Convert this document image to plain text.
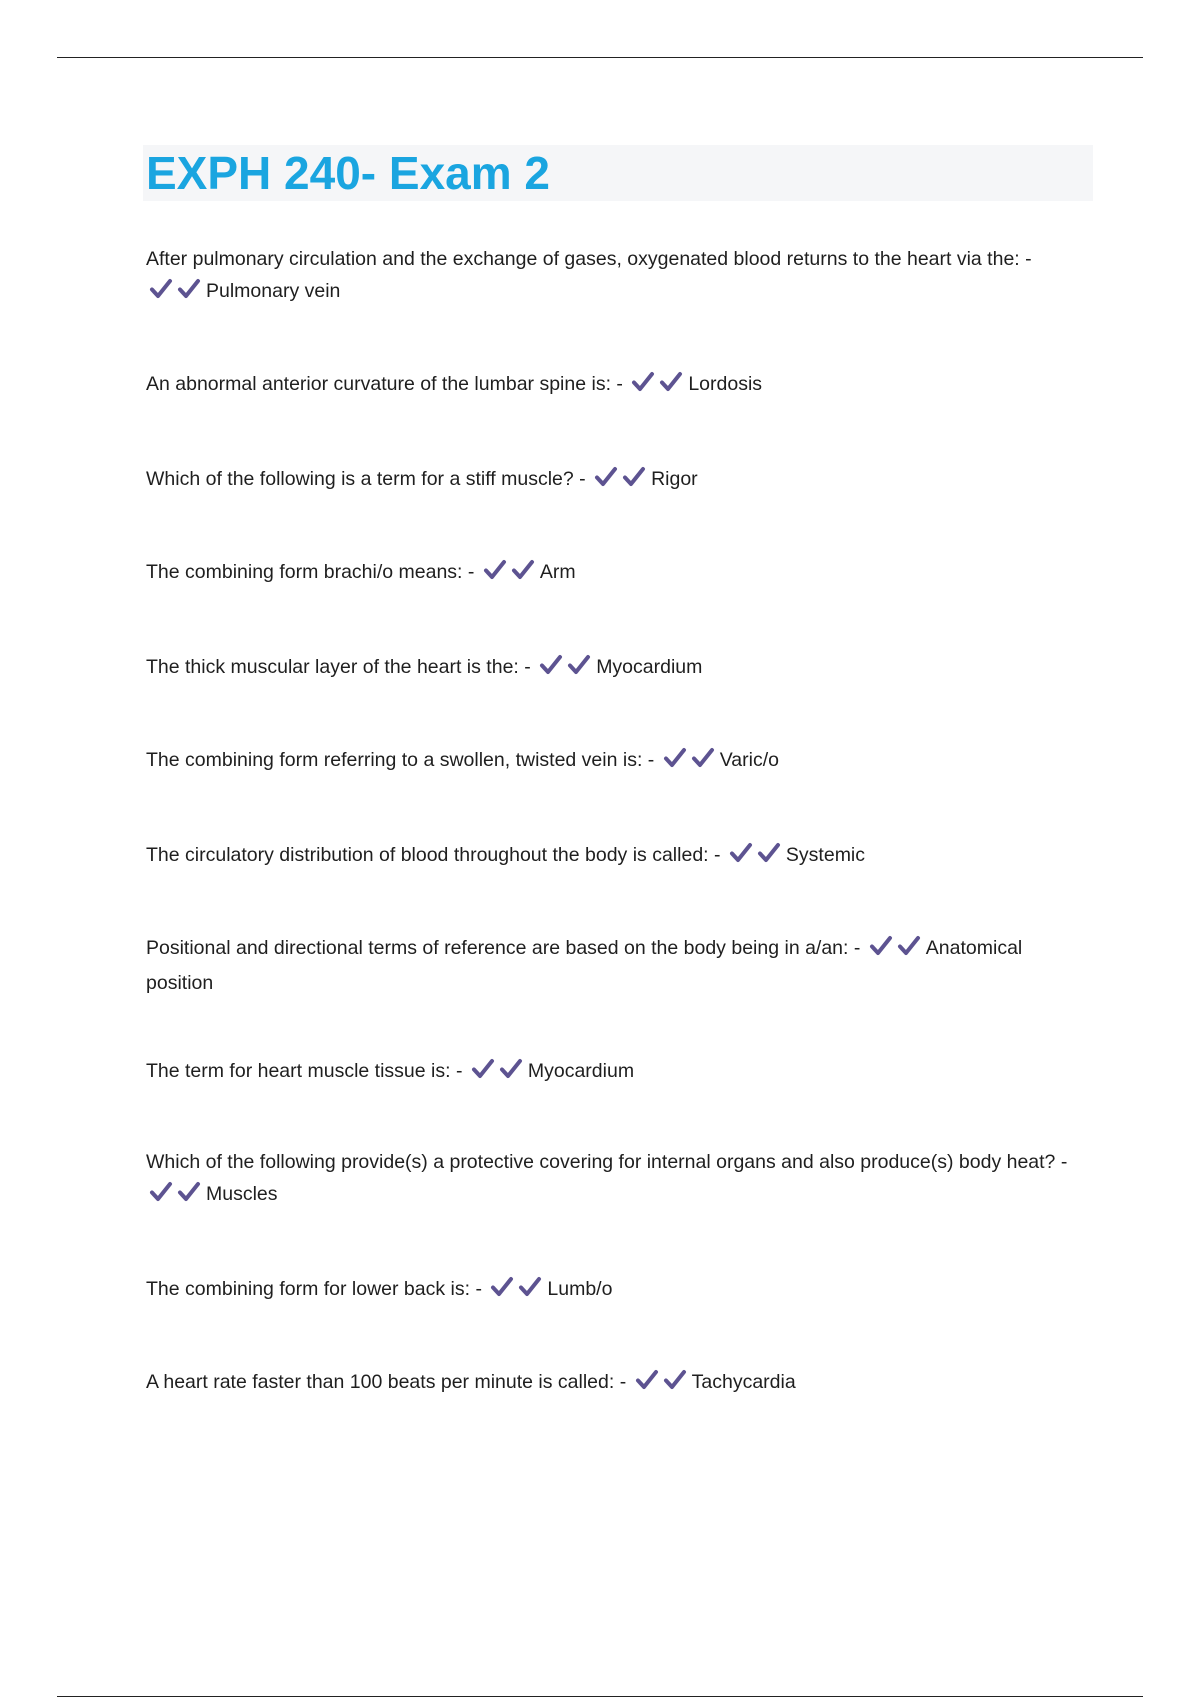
EXPH 240- Exam 2
After pulmonary circulation and the exchange of gases, oxygenated blood returns to the heart via the: -
Pulmonary vein
An abnormal anterior curvature of the lumbar spine is: -	Lordosis
Which of the following is a term for a stiff muscle? -	Rigor
The combining form brachi/o means: -	Arm
The thick muscular layer of the heart is the: -	Myocardium
The combining form referring to a swollen, twisted vein is: -	Varic/o
The circulatory distribution of blood throughout the body is called: -	Systemic
Positional and directional terms of reference are based on the body being in a/an: -	Anatomical position
The term for heart muscle tissue is: -	Myocardium
Which of the following provide(s) a protective covering for internal organs and also produce(s) body heat? -
Muscles
The combining form for lower back is: -	Lumb/o
A heart rate faster than 100 beats per minute is called: -	Tachycardia
